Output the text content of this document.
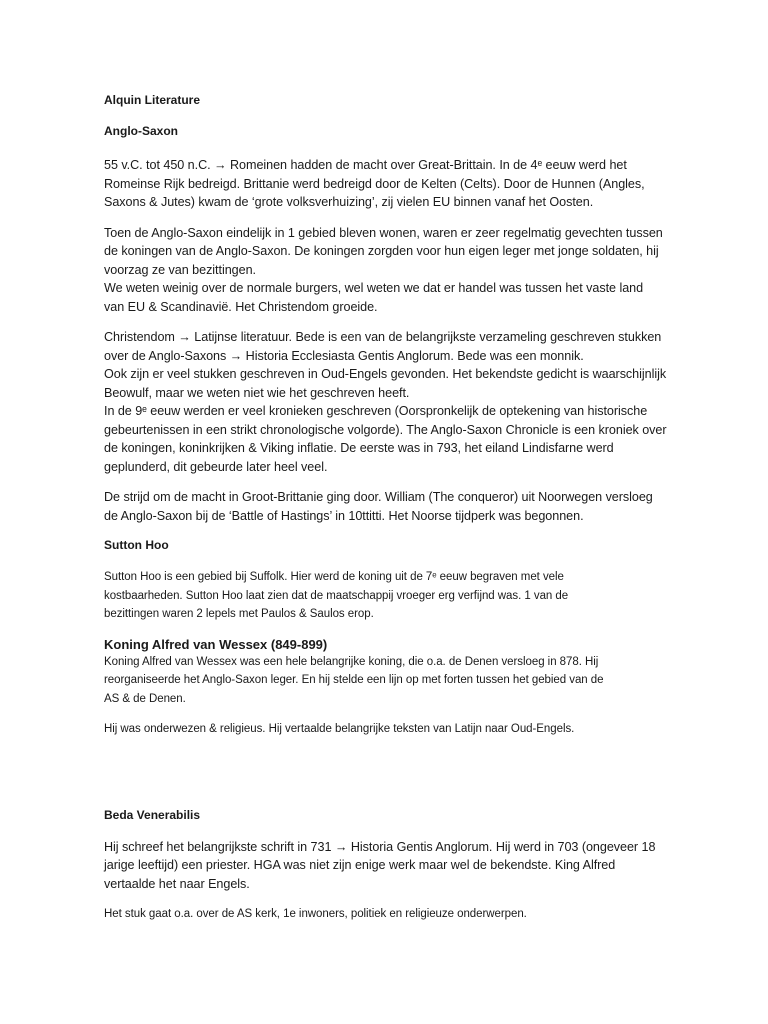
Alquin Literature
Anglo-Saxon

55 v.C. tot 450 n.C. → Romeinen hadden de macht over Great-Brittain. In de 4ᵉ eeuw werd het
Romeinse Rijk bedreigd. Brittanie werd bedreigd door de Kelten (Celts). Door de Hunnen (Angles,
Saxons & Jutes) kwam de ‘grote volksverhuizing’, zij vielen EU binnen vanaf het Oosten.

Toen de Anglo-Saxon eindelijk in 1 gebied bleven wonen, waren er zeer regelmatig gevechten tussen
de koningen van de Anglo-Saxon. De koningen zorgden voor hun eigen leger met jonge soldaten, hij
voorzag ze van bezittingen.
We weten weinig over de normale burgers, wel weten we dat er handel was tussen het vaste land
van EU & Scandinavië. Het Christendom groeide.

Christendom → Latijnse literatuur. Bede is een van de belangrijkste verzameling geschreven stukken
over de Anglo-Saxons → Historia Ecclesiasta Gentis Anglorum. Bede was een monnik.
Ook zijn er veel stukken geschreven in Oud-Engels gevonden. Het bekendste gedicht is waarschijnlijk
Beowulf, maar we weten niet wie het geschreven heeft.
In de 9ᵉ eeuw werden er veel kronieken geschreven (Oorspronkelijk de optekening van historische
gebeurtenissen in een strikt chronologische volgorde). The Anglo-Saxon Chronicle is een kroniek over
de koningen, koninkrijken & Viking inflatie. De eerste was in 793, het eiland Lindisfarne werd
geplunderd, dit gebeurde later heel veel.

De strijd om de macht in Groot-Brittanie ging door. William (The conqueror) uit Noorwegen versloeg
de Anglo-Saxon bij de ‘Battle of Hastings’ in 10ttitti. Het Noorse tijdperk was begonnen.

Sutton Hoo

Sutton Hoo is een gebied bij Suffolk. Hier werd de koning uit de 7ᵉ eeuw begraven met vele
kostbaarheden. Sutton Hoo laat zien dat de maatschappij vroeger erg verfijnd was. 1 van de
bezittingen waren 2 lepels met Paulos & Saulos erop.

Koning Alfred van Wessex (849-899)

Koning Alfred van Wessex was een hele belangrijke koning, die o.a. de Denen versloeg in 878. Hij
reorganiseerde het Anglo-Saxon leger. En hij stelde een lijn op met forten tussen het gebied van de
AS & de Denen.

Hij was onderwezen & religieus. Hij vertaalde belangrijke teksten van Latijn naar Oud-Engels.

Beda Venerabilis

Hij schreef het belangrijkste schrift in 731 → Historia Gentis Anglorum. Hij werd in 703 (ongeveer 18
jarige leeftijd) een priester. HGA was niet zijn enige werk maar wel de bekendste. King Alfred
vertaalde het naar Engels.

Het stuk gaat o.a. over de AS kerk, 1e inwoners, politiek en religieuze onderwerpen.
